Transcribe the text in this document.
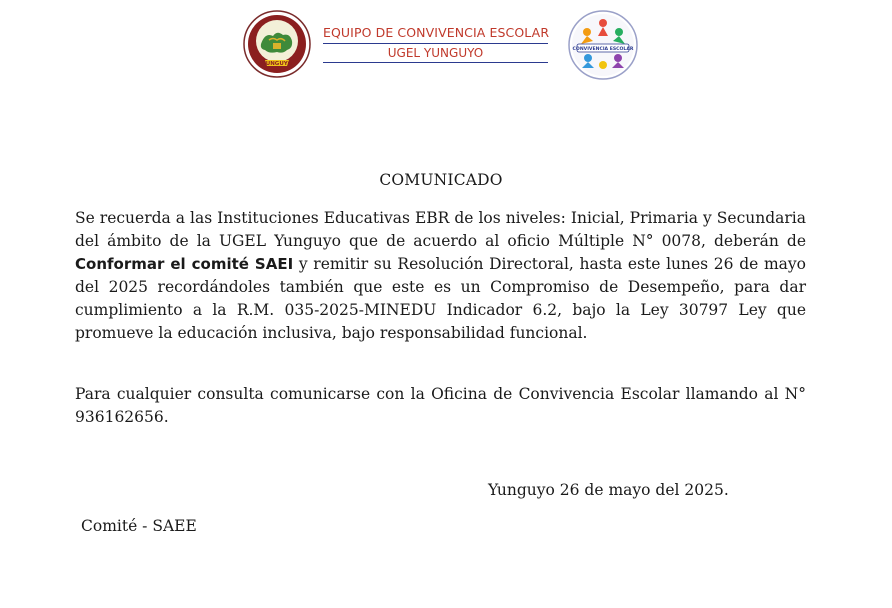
YUNGUYO
EQUIPO DE CONVIVENCIA ESCOLAR
UGEL YUNGUYO	CONVIVENCIA ESCOLAR
COMUNICADO

Se recuerda a las Instituciones Educativas EBR de los niveles: Inicial, Primaria y Secundaria del ámbito de la UGEL Yunguyo que de acuerdo al oficio Múltiple N° 0078, deberán de Conformar el comité SAEI y remitir su Resolución Directoral, hasta este lunes 26 de mayo del 2025 recordándoles también que este es un Compromiso de Desempeño, para dar cumplimiento a la R.M. 035-2025-MINEDU Indicador 6.2, bajo la Ley 30797 Ley que promueve la educación inclusiva, bajo responsabilidad funcional.

Para cualquier consulta comunicarse con la Oficina de Convivencia Escolar llamando al N° 936162656.

Yunguyo 26 de mayo del 2025.
Comité - SAEE
